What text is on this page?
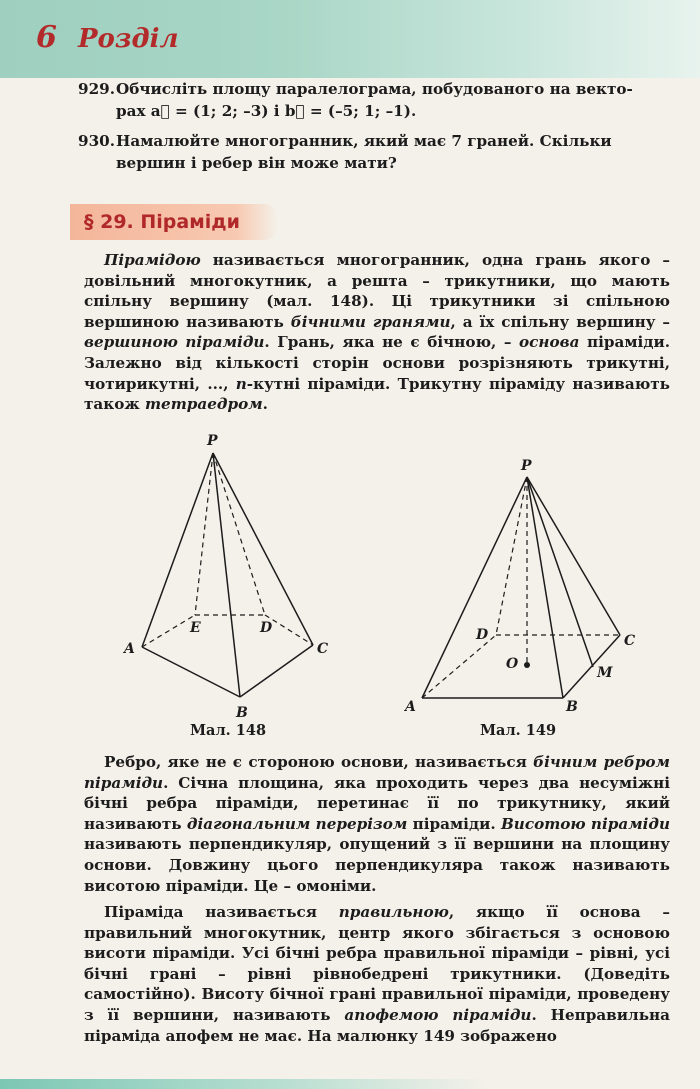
6 Розділ
929.Обчисліть площу паралелограма, побудованого на векто-
рах a⃗ = (1; 2; –3) і b⃗ = (–5; 1; –1).
930.Намалюйте многогранник, який має 7 граней. Скільки
вершин і ребер він може мати?
§ 29. Піраміди

Пірамідою називається многогранник, одна грань якого – довільний многокутник, а решта – трикутники, що мають спільну вершину (мал. 148). Ці трикутники зі спільною вершиною називають бічними гранями, а їх спільну вершину – вершиною піраміди. Грань, яка не є бічною, – основа піраміди. Залежно від кількості сторін основи розрізняють трикутні, чотирикутні, ..., n-кутні піраміди. Трикутну піраміду називають також тетраедром.

P
A
B
C
D
E
Мал. 148
P
A	B
C
D
O
M
Мал. 149

Ребро, яке не є стороною основи, називається бічним ребром піраміди. Січна площина, яка проходить через два несуміжні бічні ребра піраміди, перетинає її по трикутнику, який називають діагональним перерізом піраміди. Висотою піраміди називають перпендикуляр, опущений з її вершини на площину основи. Довжину цього перпендикуляра також називають висотою піраміди. Це – омоніми.

Піраміда називається правильною, якщо її основа – правильний многокутник, центр якого збігається з основою висоти піраміди. Усі бічні ребра правильної піраміди – рівні, усі бічні грані – рівні рівнобедрені трикутники. (Доведіть самостійно). Висоту бічної грані правильної піраміди, проведену з її вершини, називають апофемою піраміди. Неправильна піраміда апофем не має. На малюнку 149 зображено
